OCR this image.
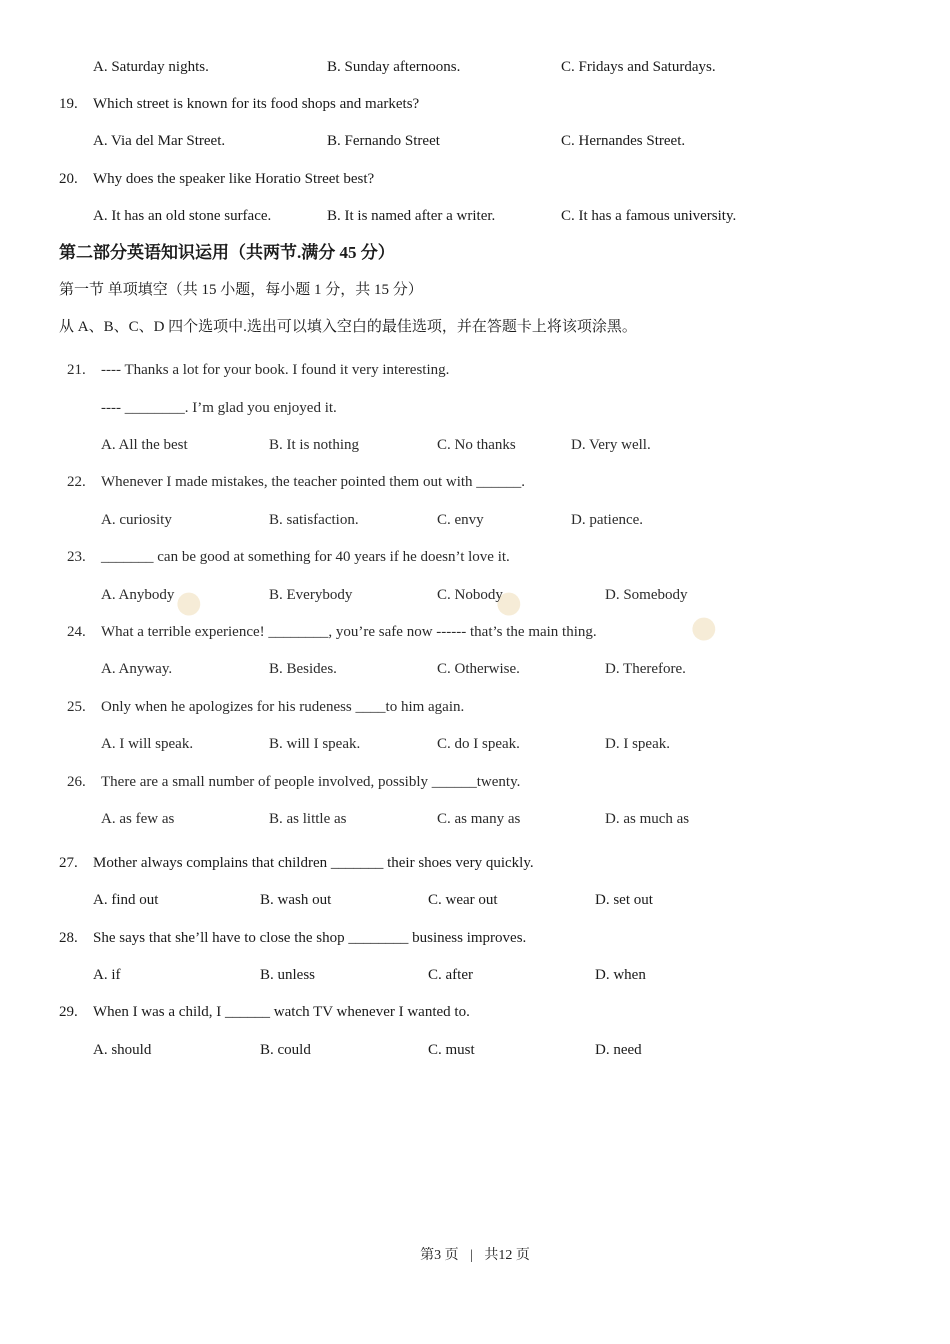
●	●
●
A. Saturday nights.	B. Sunday afternoons.	C. Fridays and Saturdays.
19. Which street is known for its food shops and markets?
A. Via del Mar Street.	B. Fernando Street	C. Hernandes Street.
20. Why does the speaker like Horatio Street best?
A. It has an old stone surface.	B. It is named after a writer.	C. It has a famous university.
第二部分英语知识运用（共两节.满分 45 分）
第一节 单项填空（共 15 小题，每小题 1 分，共 15 分）
从 A、B、C、D 四个选项中.选出可以填入空白的最佳选项，并在答题卡上将该项涂黑。
21. ---- Thanks a lot for your book. I found it very interesting.
---- ________. I’m glad you enjoyed it.
A. All the best	B. It is nothing	C. No thanks	D. Very well.
22. Whenever I made mistakes, the teacher pointed them out with ______.
A. curiosity	B. satisfaction.	C. envy	D. patience.
23. _______ can be good at something for 40 years if he doesn’t love it.
A. Anybody	B. Everybody	C. Nobody	D. Somebody
24. What a terrible experience! ________, you’re safe now ------ that’s the main thing.
A. Anyway.	B. Besides.	C. Otherwise.	D. Therefore.
25. Only when he apologizes for his rudeness ____to him again.
A. I will speak.	B. will I speak.	C. do I speak.	D. I speak.
26. There are a small number of people involved, possibly ______twenty.
A. as few as	B. as little as	C. as many as	D. as much as
27. Mother always complains that children _______ their shoes very quickly.
A. find out	B. wash out	C. wear out	D. set out
28. She says that she’ll have to close the shop ________ business improves.
A. if	B. unless	C. after	D. when
29. When I was a child, I ______ watch TV whenever I wanted to.
A. should	B. could	C. must	D. need
第3 页 | 共12 页
